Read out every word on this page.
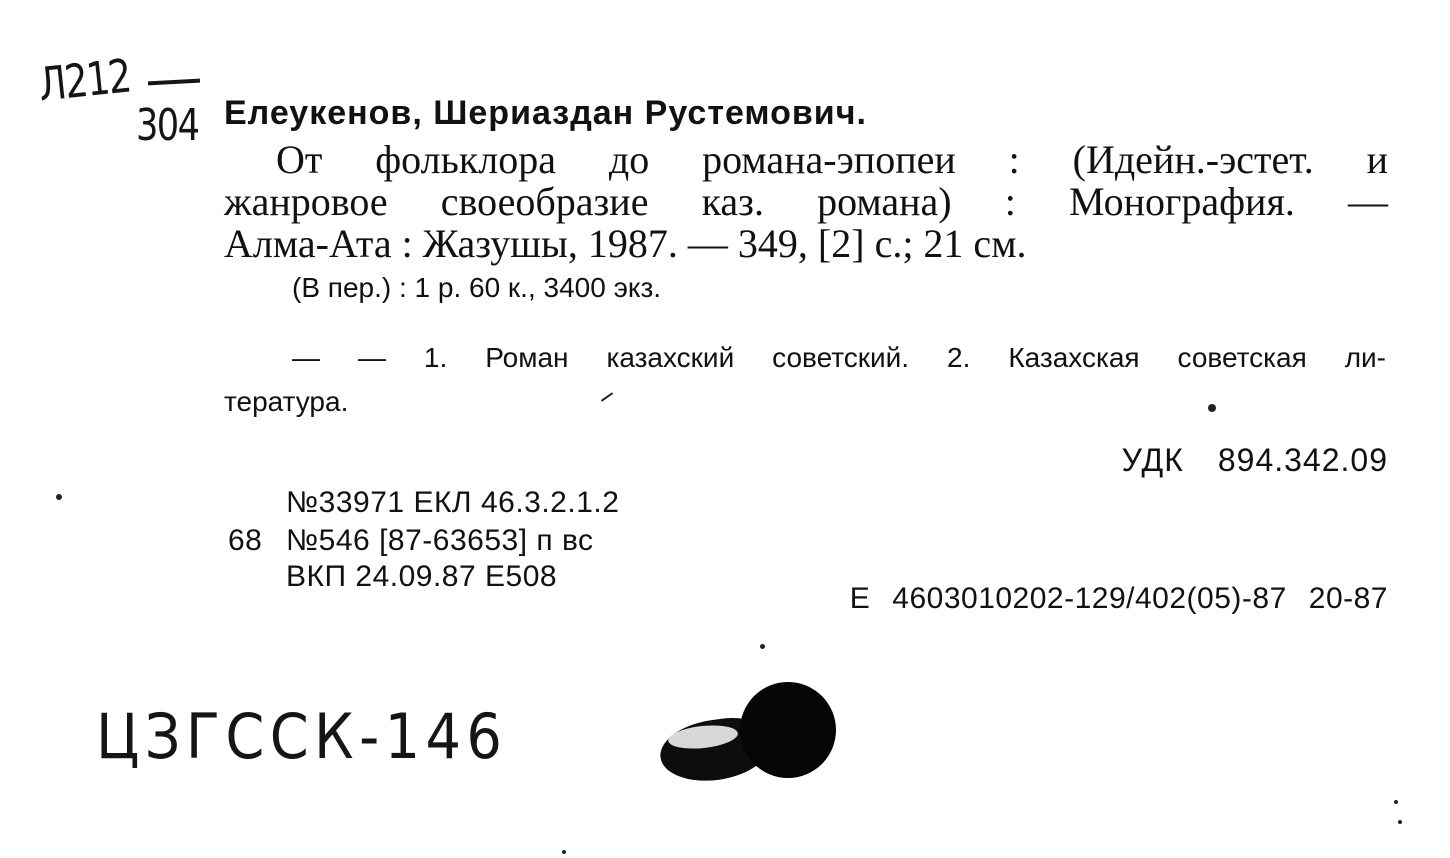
Л212
304 Елеукенов, Шериаздан Рустемович.
От фольклора до романа-эпопеи : (Идейн.-эстет. и
жанровое своеобразие каз. романа) : Монография. —
Алма-Ата : Жазушы, 1987. — 349, [2] с.; 21 см.
(В пер.) : 1 р. 60 к., 3400 экз.
— — 1. Роман казахский советский. 2. Казахская советская ли-
тература.
УДК 894.342.09
№33971 ЕКЛ 46.3.2.1.2
68 №546 [87-63653] п вс
ВКП 24.09.87 Е508
Е 4603010202-129/402(05)-87 20-87
ЦЗГССК-146
